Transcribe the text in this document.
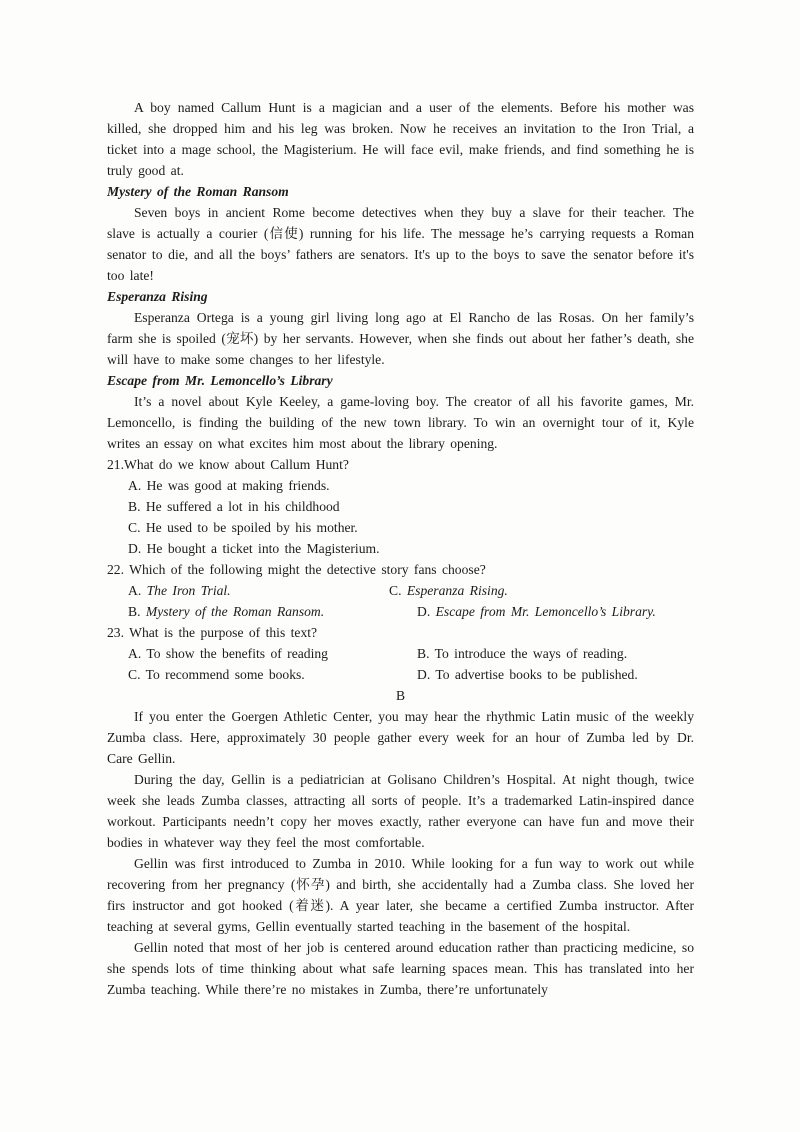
A boy named Callum Hunt is a magician and a user of the elements. Before his mother was killed, she dropped him and his leg was broken. Now he receives an invitation to the Iron Trial, a ticket into a mage school, the Magisterium. He will face evil, make friends, and find something he is truly good at.

Mystery of the Roman Ransom

Seven boys in ancient Rome become detectives when they buy a slave for their teacher. The slave is actually a courier (信使) running for his life. The message he’s carrying requests a Roman senator to die, and all the boys’ fathers are senators. It's up to the boys to save the senator before it's too late!

Esperanza Rising

Esperanza Ortega is a young girl living long ago at El Rancho de las Rosas. On her family’s farm she is spoiled (宠坏) by her servants. However, when she finds out about her father’s death, she will have to make some changes to her lifestyle.

Escape from Mr. Lemoncello’s Library

It’s a novel about Kyle Keeley, a game-loving boy. The creator of all his favorite games, Mr. Lemoncello, is finding the building of the new town library. To win an overnight tour of it, Kyle writes an essay on what excites him most about the library opening.

21.What do we know about Callum Hunt?

A. He was good at making friends.

B. He suffered a lot in his childhood

C. He used to be spoiled by his mother.

D. He bought a ticket into the Magisterium.

22. Which of the following might the detective story fans choose?

A. The Iron Trial.	C. Esperanza Rising.
B. Mystery of the Roman Ransom.	D. Escape from Mr. Lemoncello’s Library.

23. What is the purpose of this text?

A. To show the benefits of reading	B. To introduce the ways of reading.
C. To recommend some books.	D. To advertise books to be published.

B

If you enter the Goergen Athletic Center, you may hear the rhythmic Latin music of the weekly Zumba class. Here, approximately 30 people gather every week for an hour of Zumba led by Dr. Care Gellin.

During the day, Gellin is a pediatrician at Golisano Children’s Hospital. At night though, twice week she leads Zumba classes, attracting all sorts of people. It’s a trademarked Latin-inspired dance workout. Participants needn’t copy her moves exactly, rather everyone can have fun and move their bodies in whatever way they feel the most comfortable.

Gellin was first introduced to Zumba in 2010. While looking for a fun way to work out while recovering from her pregnancy (怀孕) and birth, she accidentally had a Zumba class. She loved her firs instructor and got hooked (着迷). A year later, she became a certified Zumba instructor. After teaching at several gyms, Gellin eventually started teaching in the basement of the hospital.

Gellin noted that most of her job is centered around education rather than practicing medicine, so she spends lots of time thinking about what safe learning spaces mean. This has translated into her Zumba teaching. While there’re no mistakes in Zumba, there’re unfortunately
